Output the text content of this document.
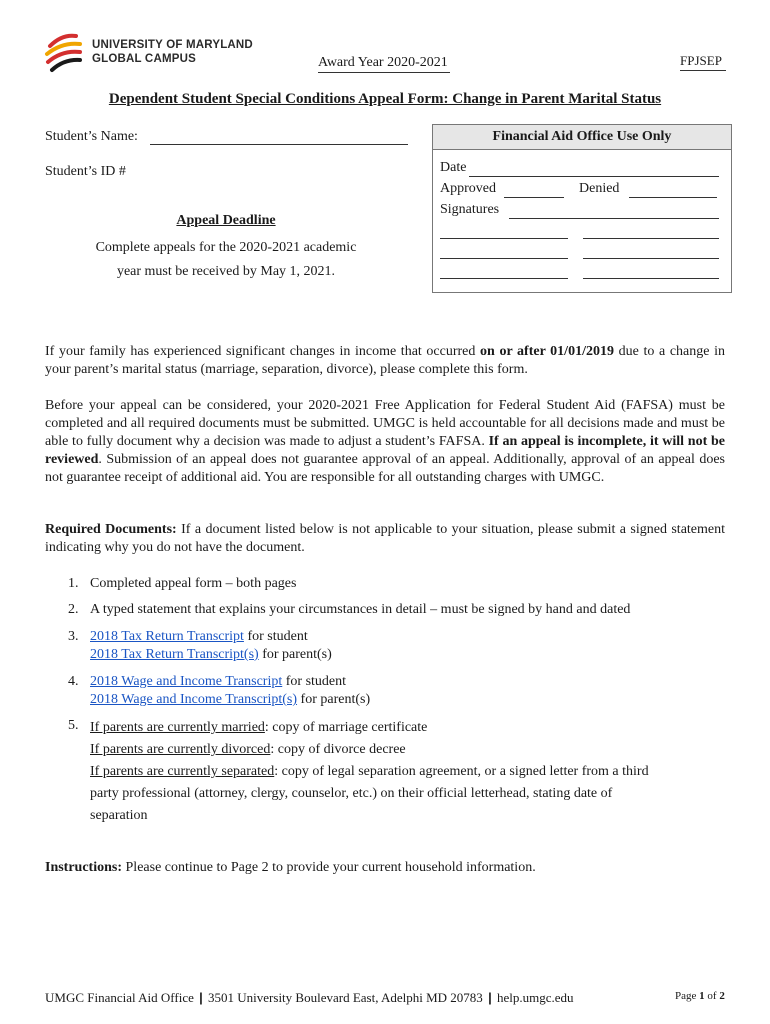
UNIVERSITY OF MARYLAND
GLOBAL CAMPUS	Award Year 2020-2021	FPJSEP
Dependent Student Special Conditions Appeal Form: Change in Parent Marital Status
Student’s Name:
Student’s ID #
Appeal Deadline
Complete appeals for the 2020-2021 academic
year must be received by May 1, 2021.
Financial Aid Office Use Only
Date
Approved	Denied
Signatures
If your family has experienced significant changes in income that occurred on or after 01/01/2019 due to a change in your parent’s marital status (marriage, separation, divorce), please complete this form.
Before your appeal can be considered, your 2020-2021 Free Application for Federal Student Aid (FAFSA) must be completed and all required documents must be submitted. UMGC is held accountable for all decisions made and must be able to fully document why a decision was made to adjust a student’s FAFSA. If an appeal is incomplete, it will not be reviewed. Submission of an appeal does not guarantee approval of an appeal. Additionally, approval of an appeal does not guarantee receipt of additional aid. You are responsible for all outstanding charges with UMGC.
Required Documents: If a document listed below is not applicable to your situation, please submit a signed statement indicating why you do not have the document.
1. Completed appeal form – both pages
2. A typed statement that explains your circumstances in detail – must be signed by hand and dated
3. 2018 Tax Return Transcript for student
2018 Tax Return Transcript(s) for parent(s)
4. 2018 Wage and Income Transcript for student
2018 Wage and Income Transcript(s) for parent(s)
5. If parents are currently married: copy of marriage certificate
If parents are currently divorced: copy of divorce decree
If parents are currently separated: copy of legal separation agreement, or a signed letter from a third
party professional (attorney, clergy, counselor, etc.) on their official letterhead, stating date of
separation
Instructions: Please continue to Page 2 to provide your current household information.
UMGC Financial Aid Office | 3501 University Boulevard East, Adelphi MD 20783 | help.umgc.edu	Page 1 of 2
